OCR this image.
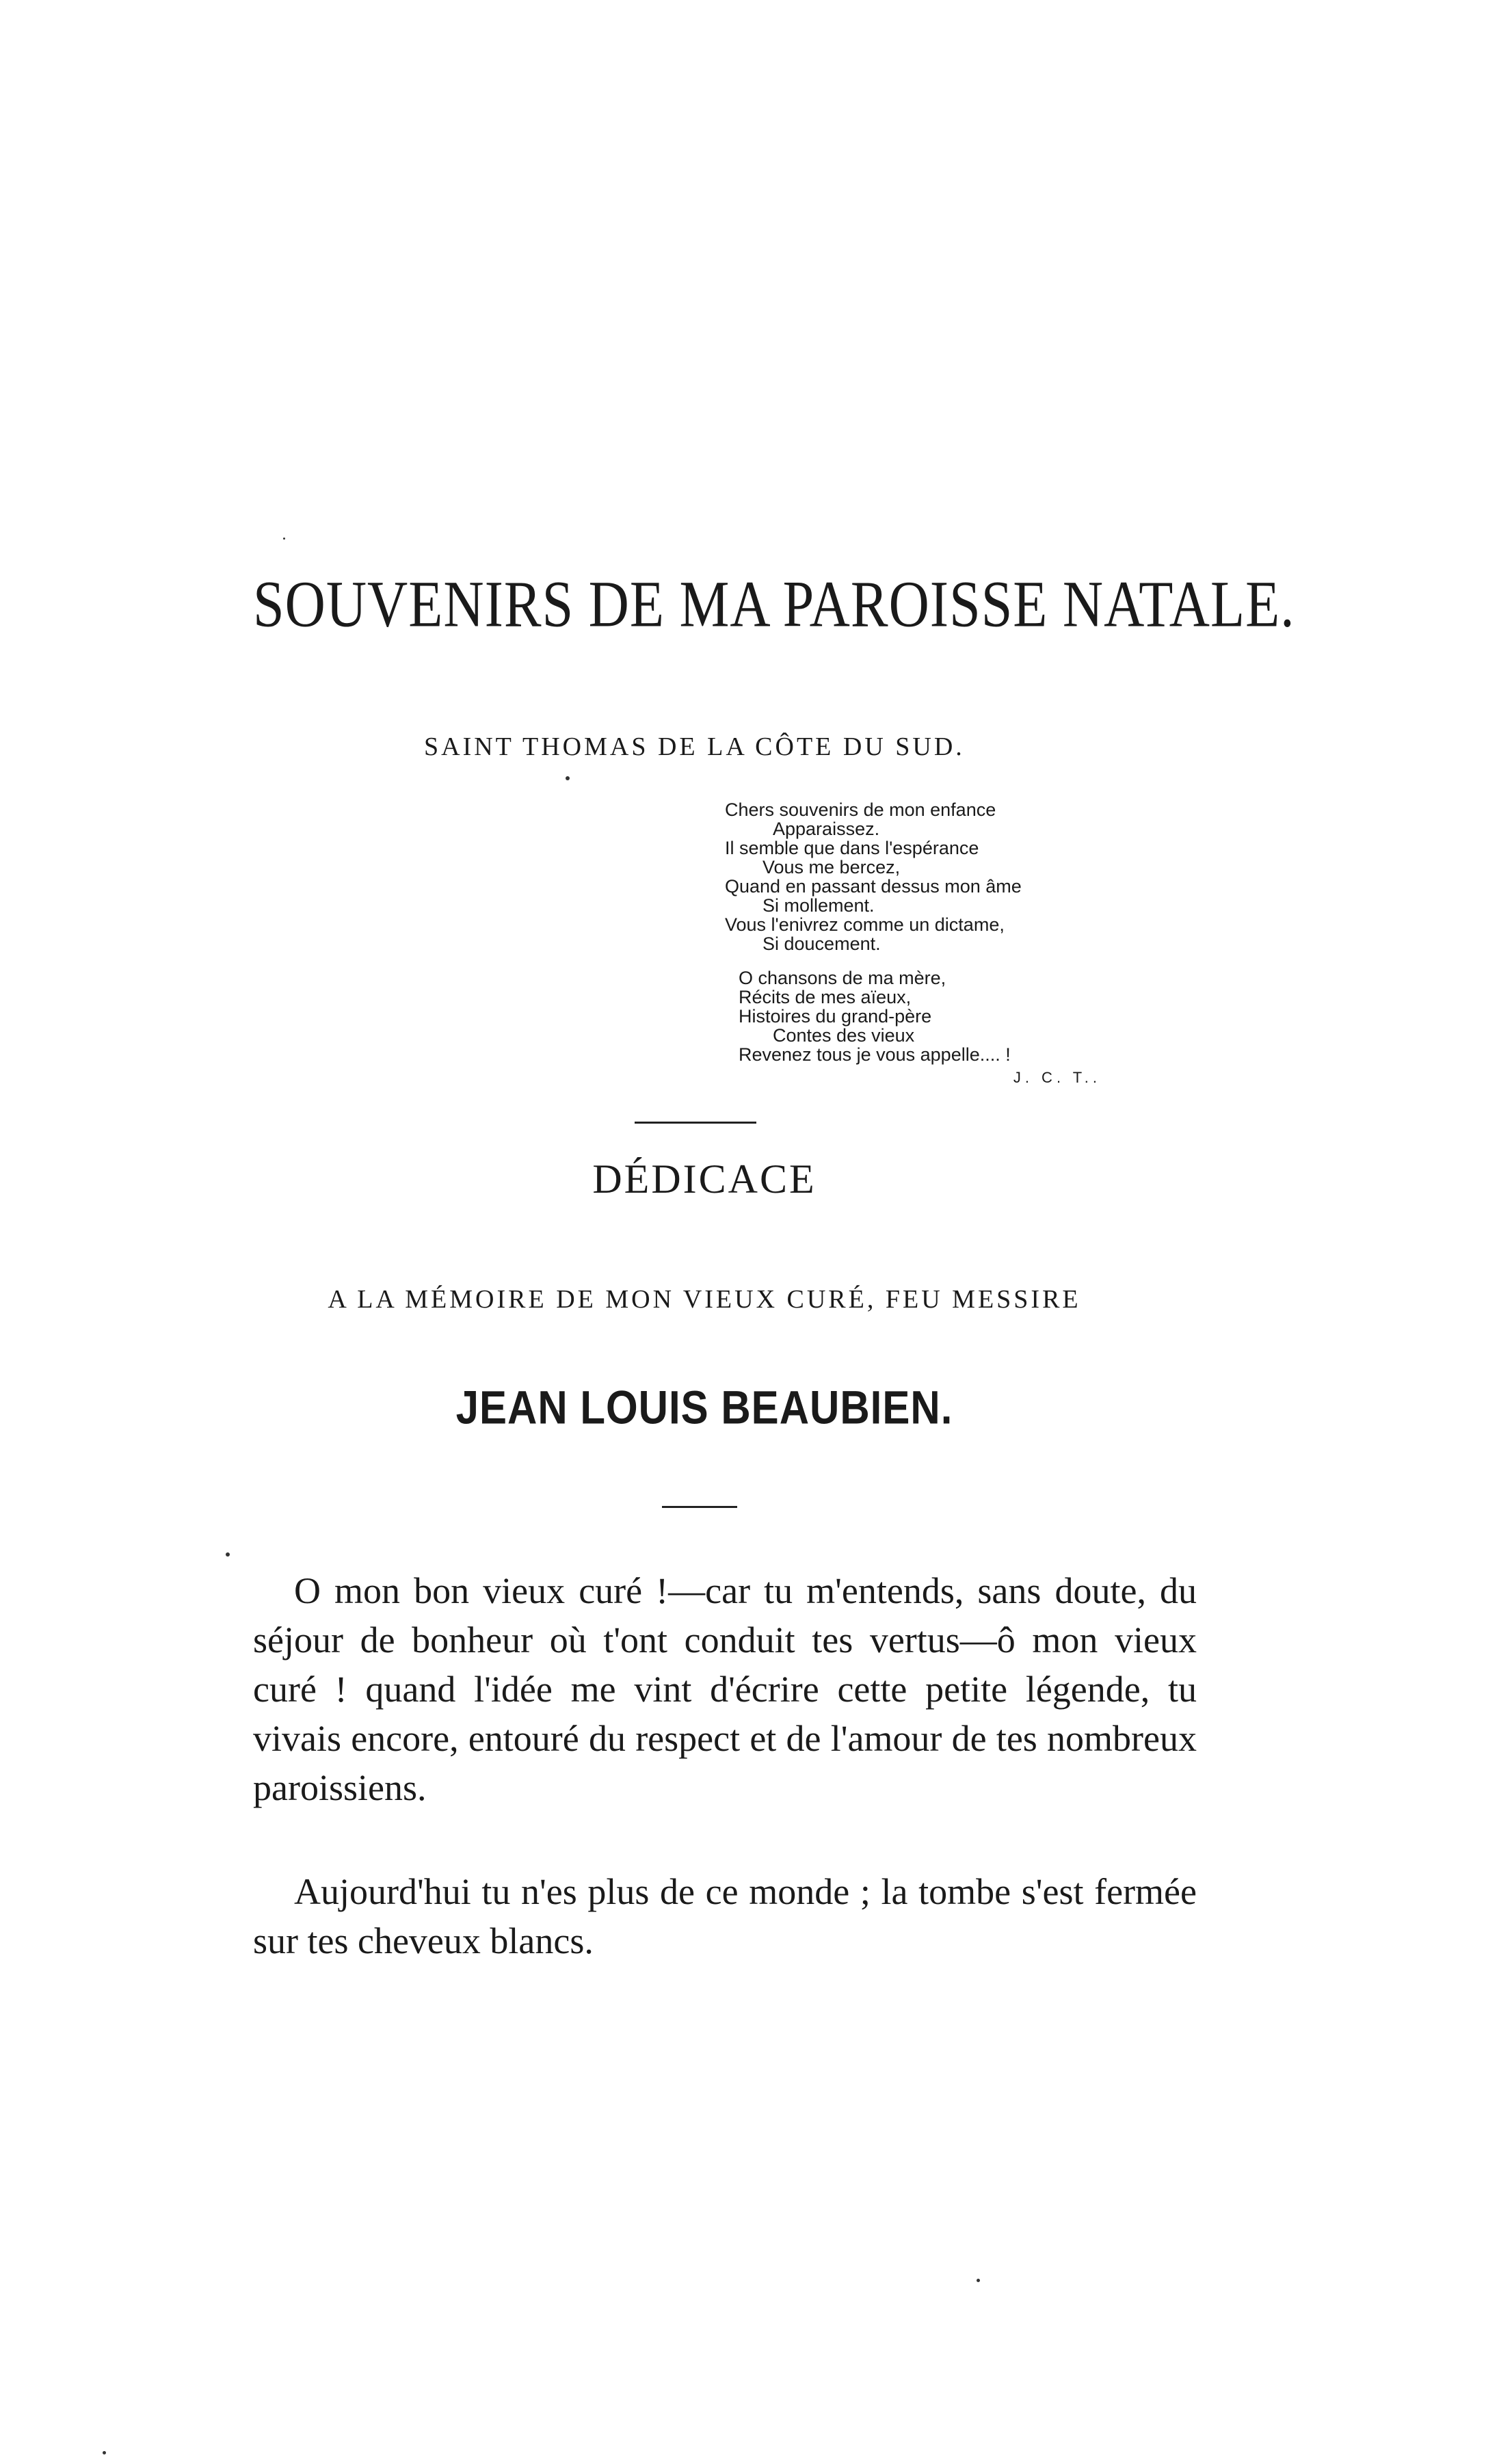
SOUVENIRS DE MA PAROISSE NATALE.
SAINT THOMAS DE LA CÔTE DU SUD.
Chers souvenirs de mon enfance
Apparaissez.
Il semble que dans l'espérance
Vous me bercez,
Quand en passant dessus mon âme
Si mollement.
Vous l'enivrez comme un dictame,
Si doucement.
O chansons de ma mère,
Récits de mes aïeux,
Histoires du grand-père
Contes des vieux
Revenez tous je vous appelle.... !
J. C. T..
DÉDICACE
A LA MÉMOIRE DE MON VIEUX CURÉ, FEU MESSIRE
JEAN LOUIS BEAUBIEN.
O mon bon vieux curé !—car tu m'entends, sans doute, du séjour de bonheur où t'ont conduit tes vertus—ô mon vieux curé ! quand l'idée me vint d'écrire cette petite légende, tu vivais encore, entouré du respect et de l'amour de tes nombreux paroissiens.
Aujourd'hui tu n'es plus de ce monde ; la tombe s'est fermée sur tes cheveux blancs.
